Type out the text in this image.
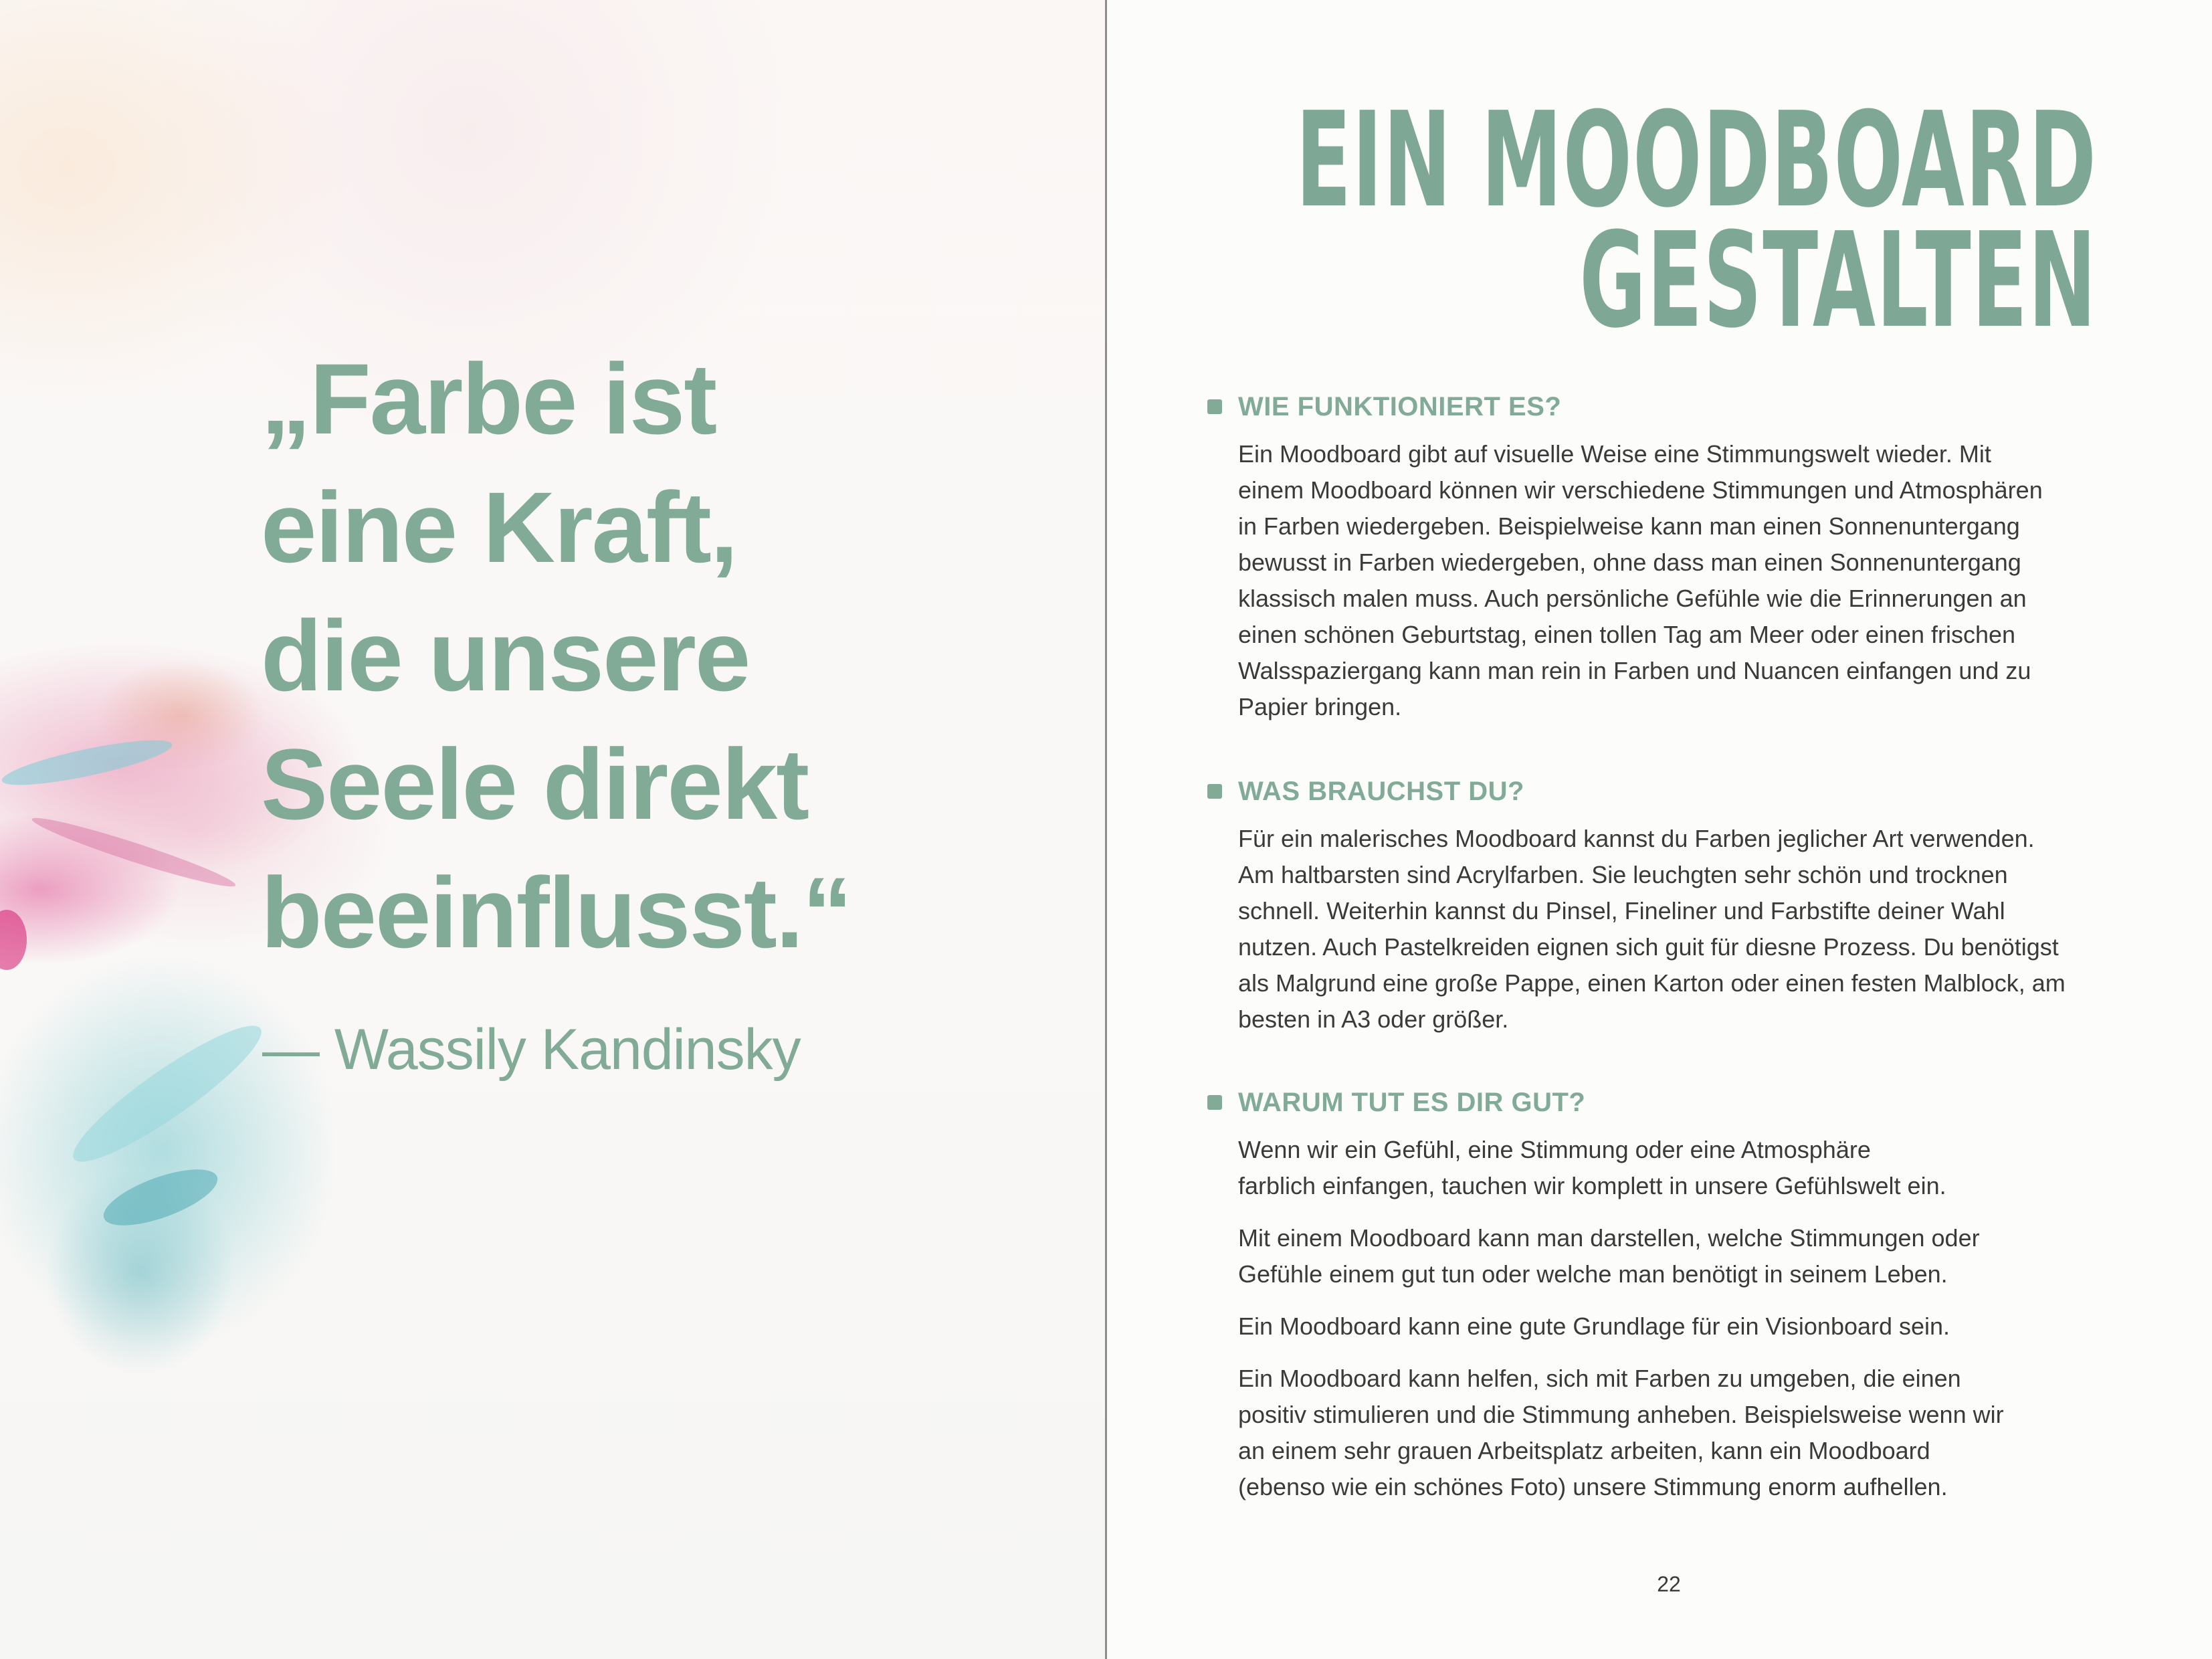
„Farbe ist
eine Kraft,
die unsere
Seele direkt
beeinflusst.“
— Wassily Kandinsky
EIN MOODBOARD
GESTALTEN
WIE FUNKTIONIERT ES?
Ein Moodboard gibt auf visuelle Weise eine Stimmungswelt wieder. Mit
einem Moodboard können wir verschiedene Stimmungen und Atmosphären
in Farben wiedergeben. Beispielweise kann man einen Sonnenuntergang
bewusst in Farben wiedergeben, ohne dass man einen Sonnenuntergang
klassisch malen muss. Auch persönliche Gefühle wie die Erinnerungen an
einen schönen Geburtstag, einen tollen Tag am Meer oder einen frischen
Walsspaziergang kann man rein in Farben und Nuancen einfangen und zu
Papier bringen.
WAS BRAUCHST DU?
Für ein malerisches Moodboard kannst du Farben jeglicher Art verwenden.
Am haltbarsten sind Acrylfarben. Sie leuchgten sehr schön und trocknen
schnell. Weiterhin kannst du Pinsel, Fineliner und Farbstifte deiner Wahl
nutzen. Auch Pastelkreiden eignen sich guit für diesne Prozess. Du benötigst
als Malgrund eine große Pappe, einen Karton oder einen festen Malblock, am
besten in A3 oder größer.
WARUM TUT ES DIR GUT?
Wenn wir ein Gefühl, eine Stimmung oder eine Atmosphäre
farblich einfangen, tauchen wir komplett in unsere Gefühlswelt ein.
Mit einem Moodboard kann man darstellen, welche Stimmungen oder
Gefühle einem gut tun oder welche man benötigt in seinem Leben.
Ein Moodboard kann eine gute Grundlage für ein Visionboard sein.
Ein Moodboard kann helfen, sich mit Farben zu umgeben, die einen
positiv stimulieren und die Stimmung anheben. Beispielsweise wenn wir
an einem sehr grauen Arbeitsplatz arbeiten, kann ein Moodboard
(ebenso wie ein schönes Foto) unsere Stimmung enorm aufhellen.
22
